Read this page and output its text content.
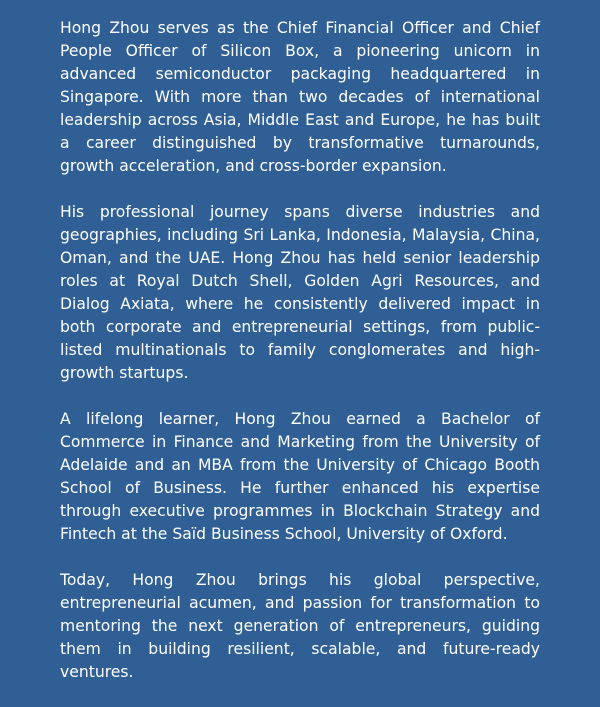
Hong Zhou serves as the Chief Financial Officer and Chief People Officer of Silicon Box, a pioneering unicorn in advanced semiconductor packaging headquartered in Singapore. With more than two decades of international leadership across Asia, Middle East and Europe, he has built a career distinguished by transformative turnarounds, growth acceleration, and cross-border expansion.

His professional journey spans diverse industries and geographies, including Sri Lanka, Indonesia, Malaysia, China, Oman, and the UAE. Hong Zhou has held senior leadership roles at Royal Dutch Shell, Golden Agri Resources, and Dialog Axiata, where he consistently delivered impact in both corporate and entrepreneurial settings, from public-listed multinationals to family conglomerates and high-growth startups.

A lifelong learner, Hong Zhou earned a Bachelor of Commerce in Finance and Marketing from the University of Adelaide and an MBA from the University of Chicago Booth School of Business. He further enhanced his expertise through executive programmes in Blockchain Strategy and Fintech at the Saïd Business School, University of Oxford.

Today, Hong Zhou brings his global perspective, entrepreneurial acumen, and passion for transformation to mentoring the next generation of entrepreneurs, guiding them in building resilient, scalable, and future-ready ventures.
